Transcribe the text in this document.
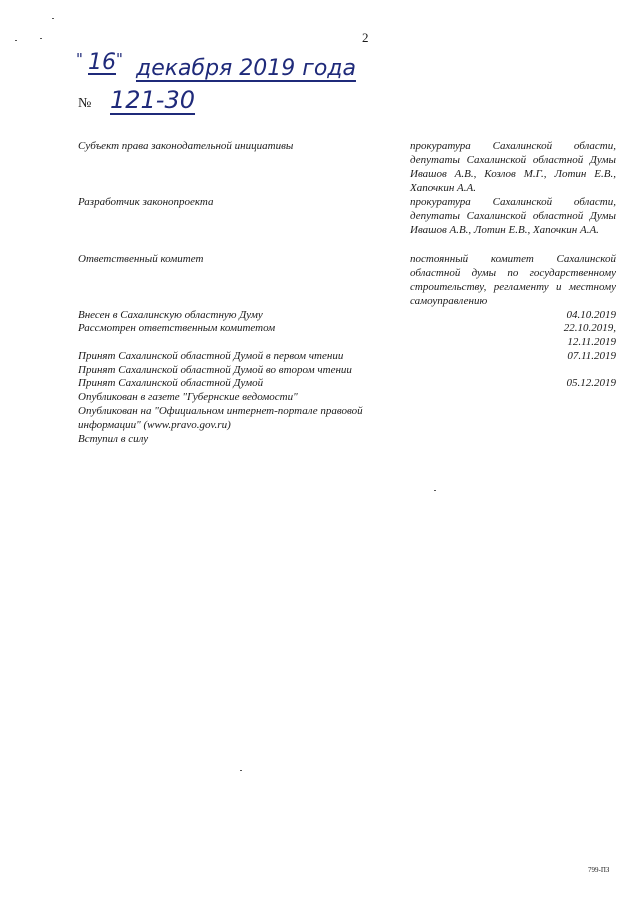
2
" 16 " декабря 2019 года
№ 121-30
Субъект права законодательной инициативы	прокуратура Сахалинской области, депутаты Сахалинской областной Думы Ивашов А.В., Козлов М.Г., Лотин Е.В., Хапочкин А.А.
Разработчик законопроекта	прокуратура Сахалинской области, депутаты Сахалинской областной Думы Ивашов А.В., Лотин Е.В., Хапочкин А.А.
Ответственный комитет	постоянный комитет Сахалинской областной думы по государственному строительству, регламенту и местному самоуправлению
Внесен в Сахалинскую областную Думу	04.10.2019
Рассмотрен ответственным комитетом	22.10.2019,
12.11.2019
Принят Сахалинской областной Думой в первом чтении	07.11.2019
Принят Сахалинской областной Думой во втором чтении
Принят Сахалинской областной Думой	05.12.2019
Опубликован в газете "Губернские ведомости"
Опубликован на "Официальном интернет-портале правовой
информации" (www.pravo.gov.ru)
Вступил в силу
799-ПЗ
